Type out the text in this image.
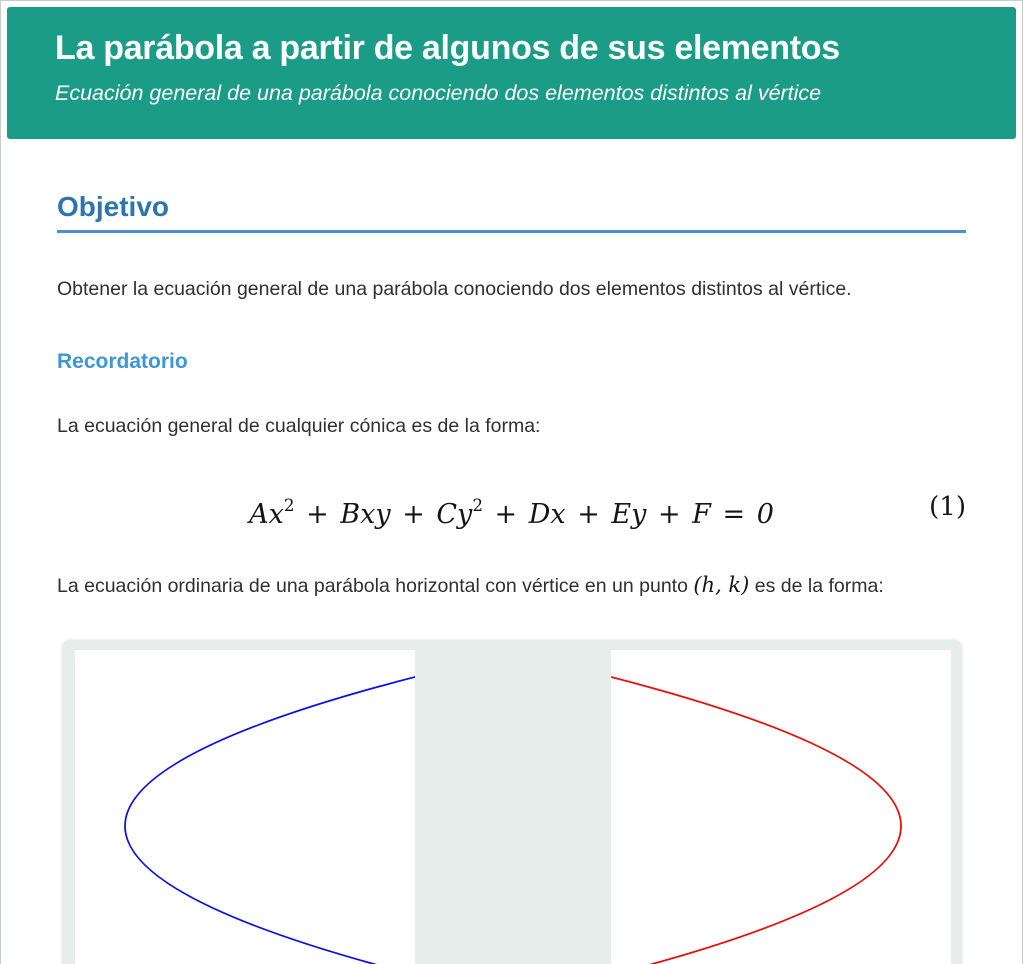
La parábola a partir de algunos de sus elementos

Ecuación general de una parábola conociendo dos elementos distintos al vértice

Objetivo

Obtener la ecuación general de una parábola conociendo dos elementos distintos al vértice.

Recordatorio

La ecuación general de cualquier cónica es de la forma:

$Ax^2$ + Bxy + $Cy^2 + Dx + Ey + F = 0$	(1)

La ecuación ordinaria de una parábola horizontal con vértice en un punto (h, k) es de la forma:
